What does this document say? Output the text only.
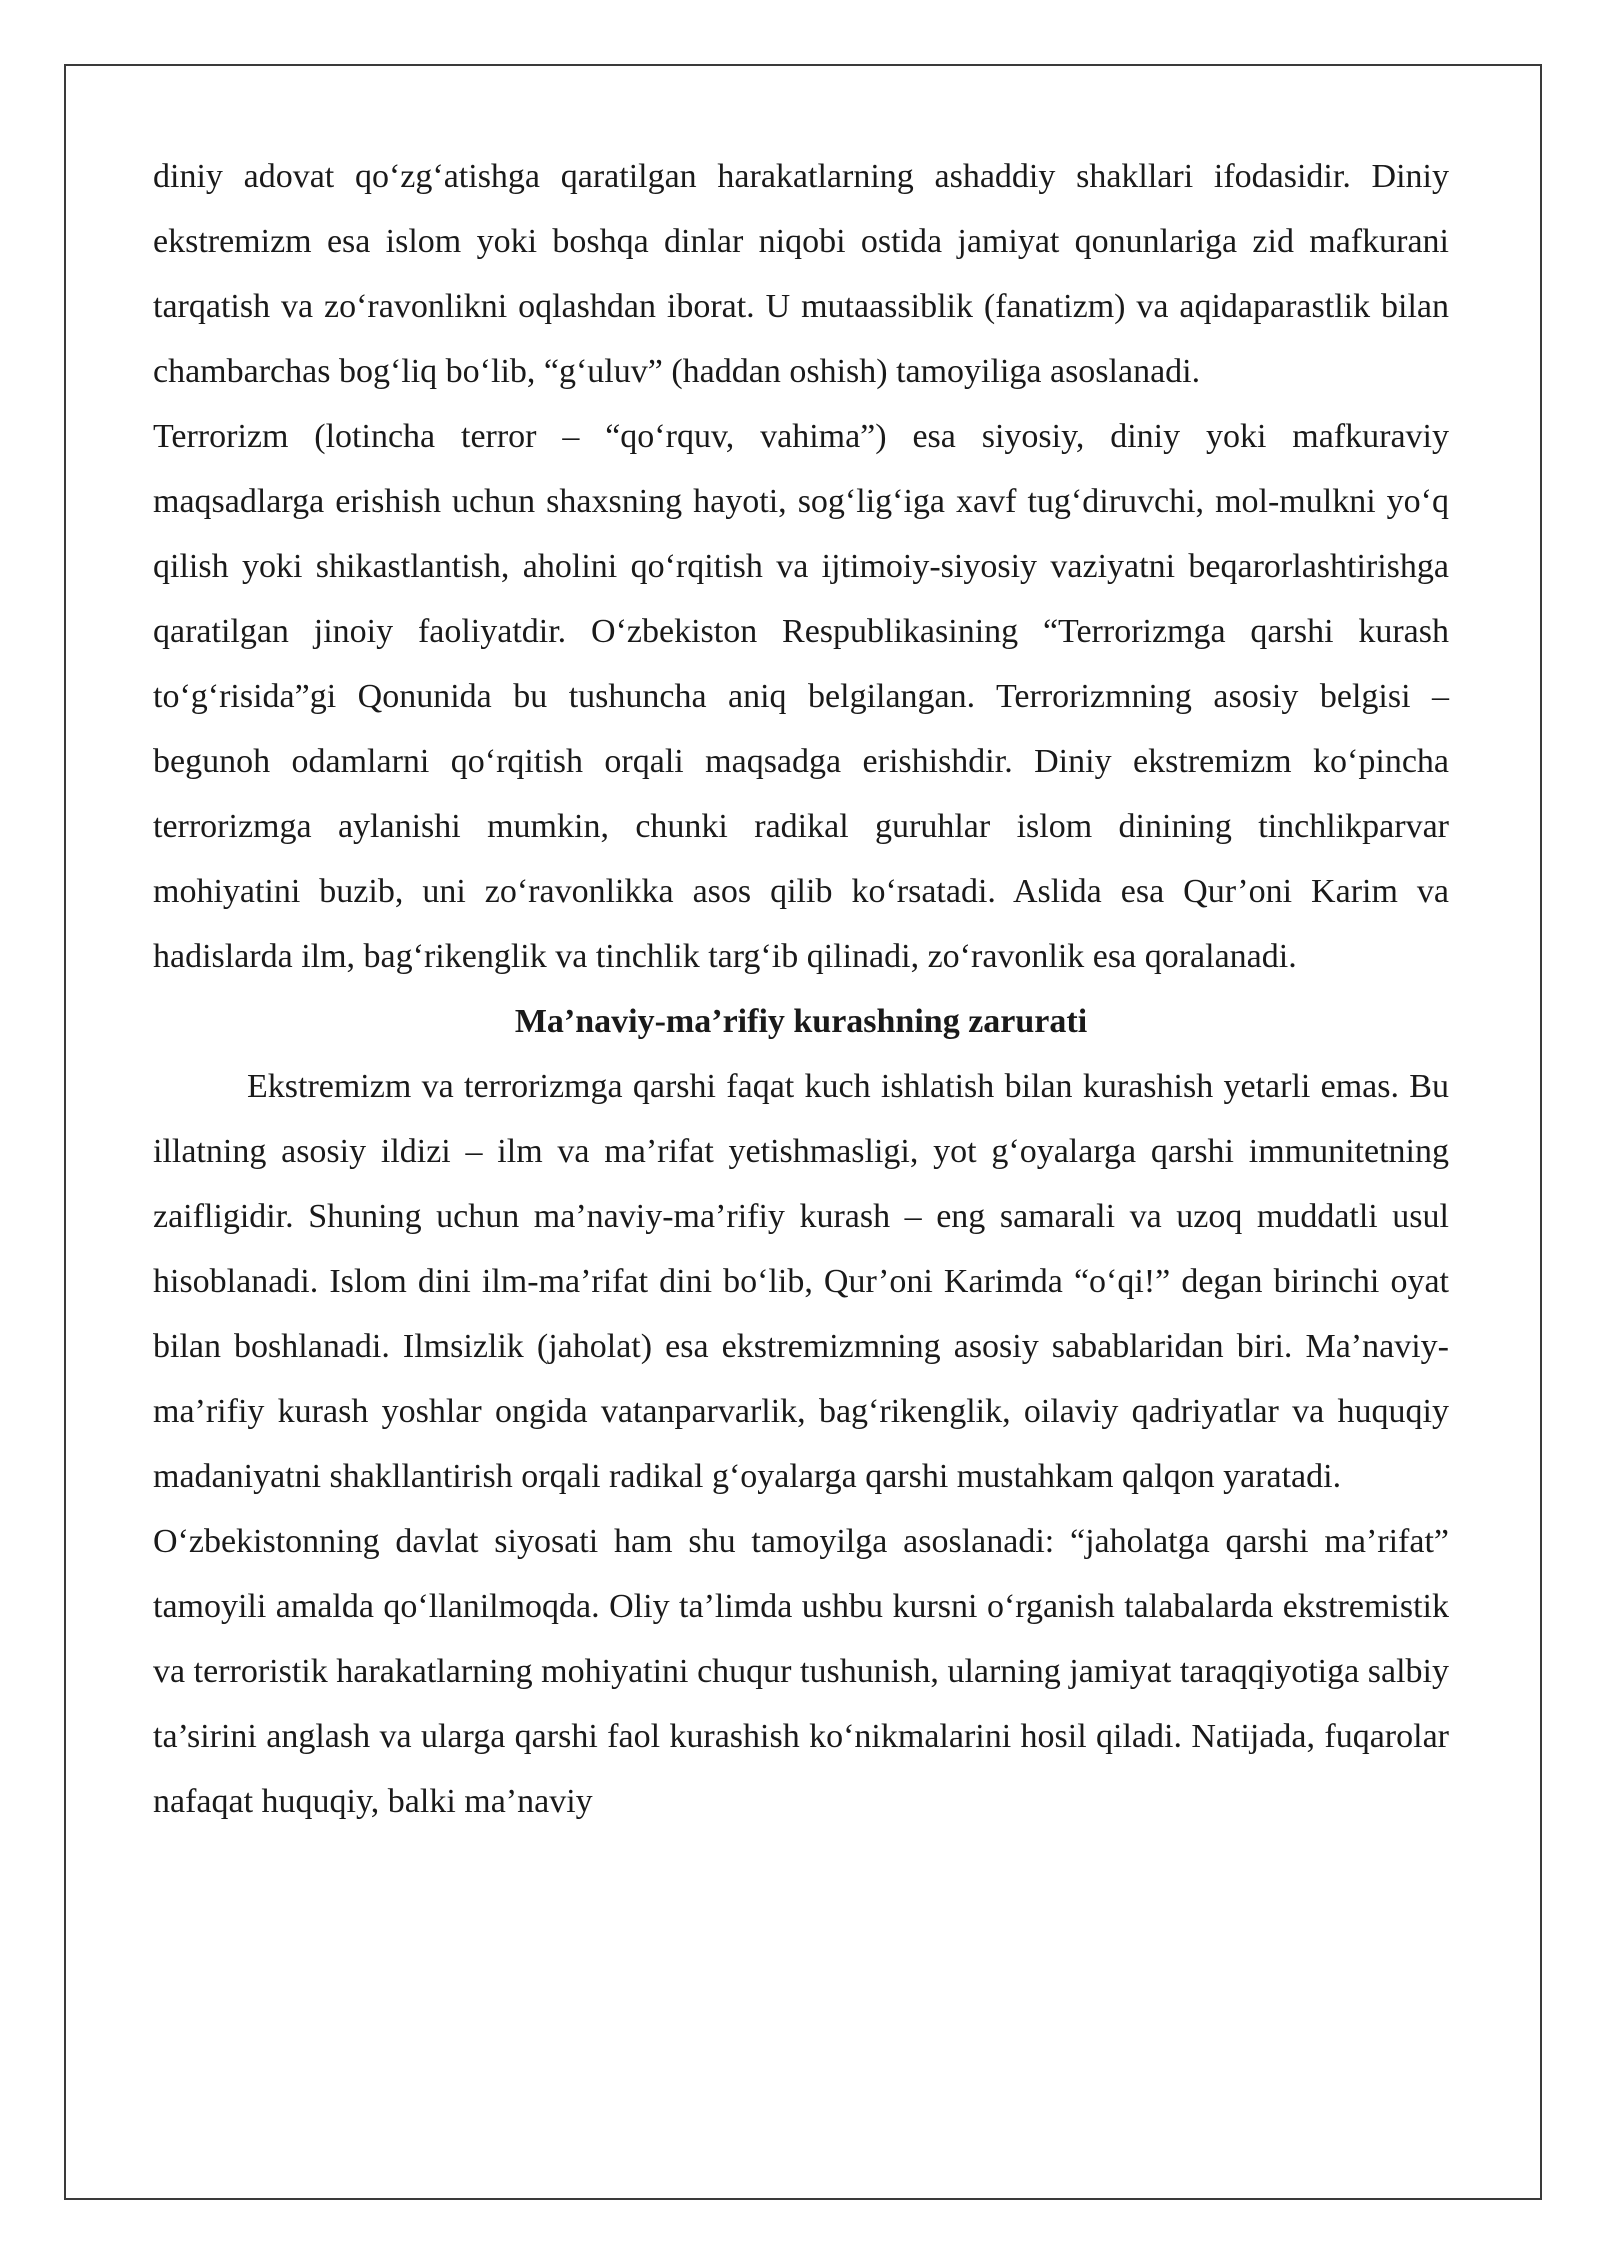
diniy adovat qo‘zg‘atishga qaratilgan harakatlarning ashaddiy shakllari ifodasidir. Diniy ekstremizm esa islom yoki boshqa dinlar niqobi ostida jamiyat qonunlariga zid mafkurani tarqatish va zo‘ravonlikni oqlashdan iborat. U mutaassiblik (fanatizm) va aqidaparastlik bilan chambarchas bog‘liq bo‘lib, “g‘uluv” (haddan oshish) tamoyiliga asoslanadi.

Terrorizm (lotincha terror – “qo‘rquv, vahima”) esa siyosiy, diniy yoki mafkuraviy maqsadlarga erishish uchun shaxsning hayoti, sog‘lig‘iga xavf tug‘diruvchi, mol-mulkni yo‘q qilish yoki shikastlantish, aholini qo‘rqitish va ijtimoiy-siyosiy vaziyatni beqarorlashtirishga qaratilgan jinoiy faoliyatdir. O‘zbekiston Respublikasining “Terrorizmga qarshi kurash to‘g‘risida”gi Qonunida bu tushuncha aniq belgilangan. Terrorizmning asosiy belgisi – begunoh odamlarni qo‘rqitish orqali maqsadga erishishdir. Diniy ekstremizm ko‘pincha terrorizmga aylanishi mumkin, chunki radikal guruhlar islom dinining tinchlikparvar mohiyatini buzib, uni zo‘ravonlikka asos qilib ko‘rsatadi. Aslida esa Qur’oni Karim va hadislarda ilm, bag‘rikenglik va tinchlik targ‘ib qilinadi, zo‘ravonlik esa qoralanadi.

Ma’naviy-ma’rifiy kurashning zarurati

Ekstremizm va terrorizmga qarshi faqat kuch ishlatish bilan kurashish yetarli emas. Bu illatning asosiy ildizi – ilm va ma’rifat yetishmasligi, yot g‘oyalarga qarshi immunitetning zaifligidir. Shuning uchun ma’naviy-ma’rifiy kurash – eng samarali va uzoq muddatli usul hisoblanadi. Islom dini ilm-ma’rifat dini bo‘lib, Qur’oni Karimda “o‘qi!” degan birinchi oyat bilan boshlanadi. Ilmsizlik (jaholat) esa ekstremizmning asosiy sabablaridan biri. Ma’naviy-ma’rifiy kurash yoshlar ongida vatanparvarlik, bag‘rikenglik, oilaviy qadriyatlar va huquqiy madaniyatni shakllantirish orqali radikal g‘oyalarga qarshi mustahkam qalqon yaratadi.

O‘zbekistonning davlat siyosati ham shu tamoyilga asoslanadi: “jaholatga qarshi ma’rifat” tamoyili amalda qo‘llanilmoqda. Oliy ta’limda ushbu kursni o‘rganish talabalarda ekstremistik va terroristik harakatlarning mohiyatini chuqur tushunish, ularning jamiyat taraqqiyotiga salbiy ta’sirini anglash va ularga qarshi faol kurashish ko‘nikmalarini hosil qiladi. Natijada, fuqarolar nafaqat huquqiy, balki ma’naviy
